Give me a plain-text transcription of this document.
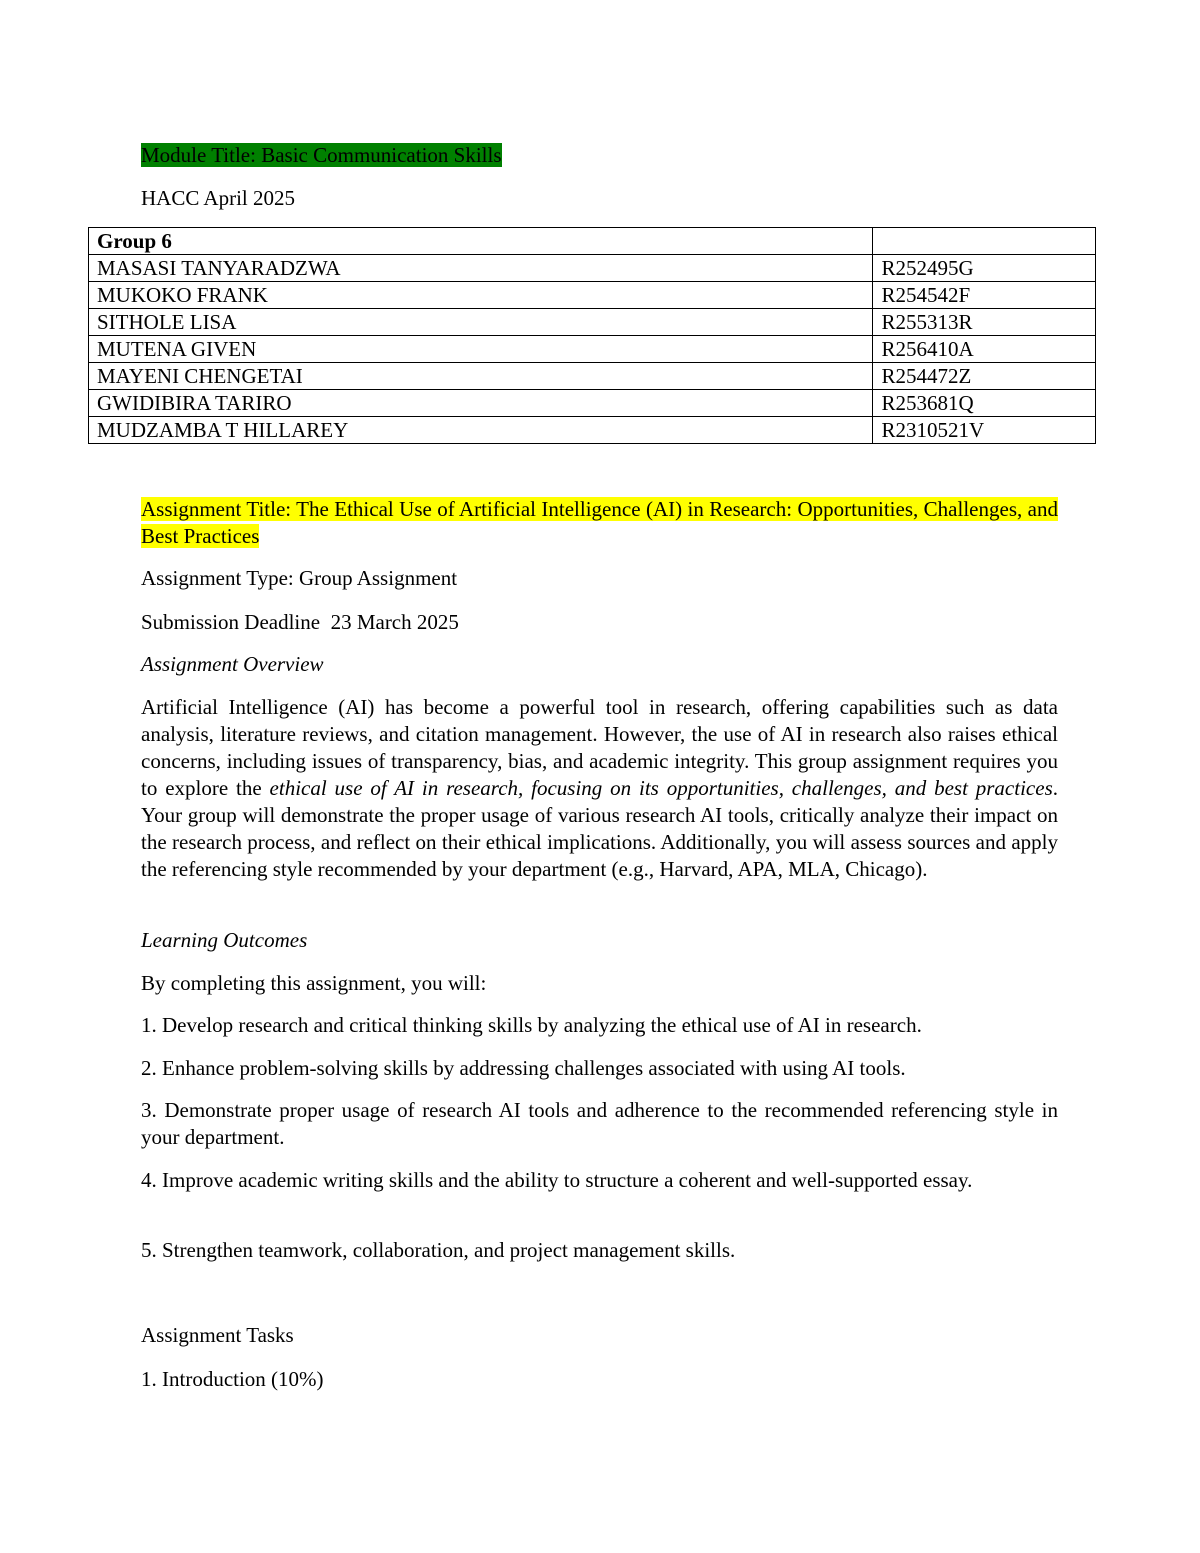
Module Title: Basic Communication Skills
HACC April 2025
Group 6	
MASASI TANYARADZWA	R252495G
MUKOKO FRANK	R254542F
SITHOLE LISA	R255313R
MUTENA GIVEN	R256410A
MAYENI CHENGETAI	R254472Z
GWIDIBIRA TARIRO	R253681Q
MUDZAMBA T HILLAREY	R2310521V
Assignment Title: The Ethical Use of Artificial Intelligence (AI) in Research: Opportunities, Challenges, and Best Practices
Assignment Type: Group Assignment
Submission Deadline  23 March 2025
Assignment Overview
Artificial Intelligence (AI) has become a powerful tool in research, offering capabilities such as data analysis, literature reviews, and citation management. However, the use of AI in research also raises ethical concerns, including issues of transparency, bias, and academic integrity. This group assignment requires you to explore the ethical use of AI in research, focusing on its opportunities, challenges, and best practices. Your group will demonstrate the proper usage of various research AI tools, critically analyze their impact on the research process, and reflect on their ethical implications. Additionally, you will assess sources and apply the referencing style recommended by your department (e.g., Harvard, APA, MLA, Chicago).
Learning Outcomes
By completing this assignment, you will:
1. Develop research and critical thinking skills by analyzing the ethical use of AI in research.
2. Enhance problem-solving skills by addressing challenges associated with using AI tools.
3. Demonstrate proper usage of research AI tools and adherence to the recommended referencing style in your department.
4. Improve academic writing skills and the ability to structure a coherent and well-supported essay.
5. Strengthen teamwork, collaboration, and project management skills.
Assignment Tasks
1. Introduction (10%)
